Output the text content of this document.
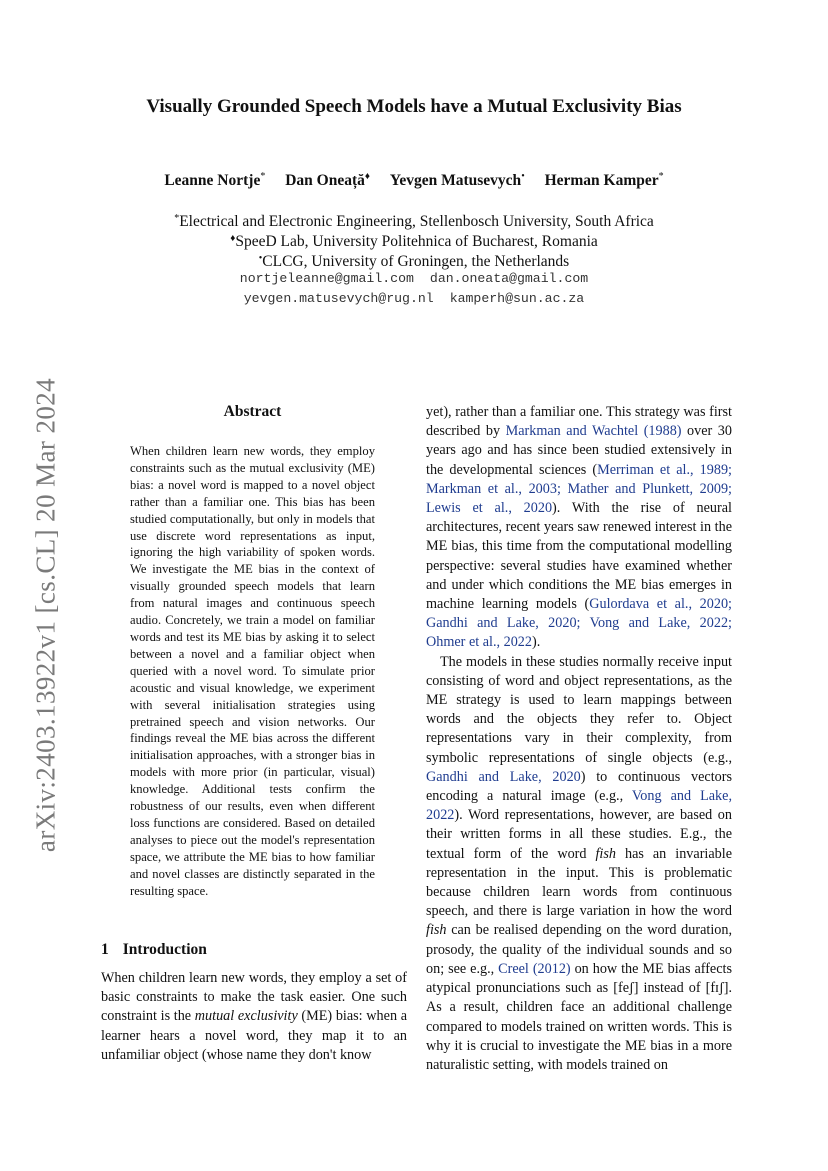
arXiv:2403.13922v1 [cs.CL] 20 Mar 2024
Visually Grounded Speech Models have a Mutual Exclusivity Bias
Leanne Nortje* Dan Oneață♦ Yevgen Matusevych• Herman Kamper*
*Electrical and Electronic Engineering, Stellenbosch University, South Africa
♦SpeeD Lab, University Politehnica of Bucharest, Romania
•CLCG, University of Groningen, the Netherlands
nortjeleanne@gmail.com dan.oneata@gmail.com
yevgen.matusevych@rug.nl kamperh@sun.ac.za
Abstract
When children learn new words, they employ constraints such as the mutual exclusivity (ME) bias: a novel word is mapped to a novel object rather than a familiar one. This bias has been studied computationally, but only in models that use discrete word representations as input, ignoring the high variability of spoken words. We investigate the ME bias in the context of visually grounded speech models that learn from natural images and continuous speech audio. Concretely, we train a model on familiar words and test its ME bias by asking it to select between a novel and a familiar object when queried with a novel word. To simulate prior acoustic and visual knowledge, we experiment with several initialisation strategies using pretrained speech and vision networks. Our findings reveal the ME bias across the different initialisation approaches, with a stronger bias in models with more prior (in particular, visual) knowledge. Additional tests confirm the robustness of our results, even when different loss functions are considered. Based on detailed analyses to piece out the model's representation space, we attribute the ME bias to how familiar and novel classes are distinctly separated in the resulting space.
1 Introduction
When children learn new words, they employ a set of basic constraints to make the task easier. One such constraint is the mutual exclusivity (ME) bias: when a learner hears a novel word, they map it to an unfamiliar object (whose name they don't know

yet), rather than a familiar one. This strategy was first described by Markman and Wachtel (1988) over 30 years ago and has since been studied extensively in the developmental sciences (Merriman et al., 1989; Markman et al., 2003; Mather and Plunkett, 2009; Lewis et al., 2020). With the rise of neural architectures, recent years saw renewed interest in the ME bias, this time from the computational modelling perspective: several studies have examined whether and under which conditions the ME bias emerges in machine learning models (Gulordava et al., 2020; Gandhi and Lake, 2020; Vong and Lake, 2022; Ohmer et al., 2022).

The models in these studies normally receive input consisting of word and object representations, as the ME strategy is used to learn mappings between words and the objects they refer to. Object representations vary in their complexity, from symbolic representations of single objects (e.g., Gandhi and Lake, 2020) to continuous vectors encoding a natural image (e.g., Vong and Lake, 2022). Word representations, however, are based on their written forms in all these studies. E.g., the textual form of the word fish has an invariable representation in the input. This is problematic because children learn words from continuous speech, and there is large variation in how the word fish can be realised depending on the word duration, prosody, the quality of the individual sounds and so on; see e.g., Creel (2012) on how the ME bias affects atypical pronunciations such as [feʃ] instead of [fɪʃ]. As a result, children face an additional challenge compared to models trained on written words. This is why it is crucial to investigate the ME bias in a more naturalistic setting, with models trained on
